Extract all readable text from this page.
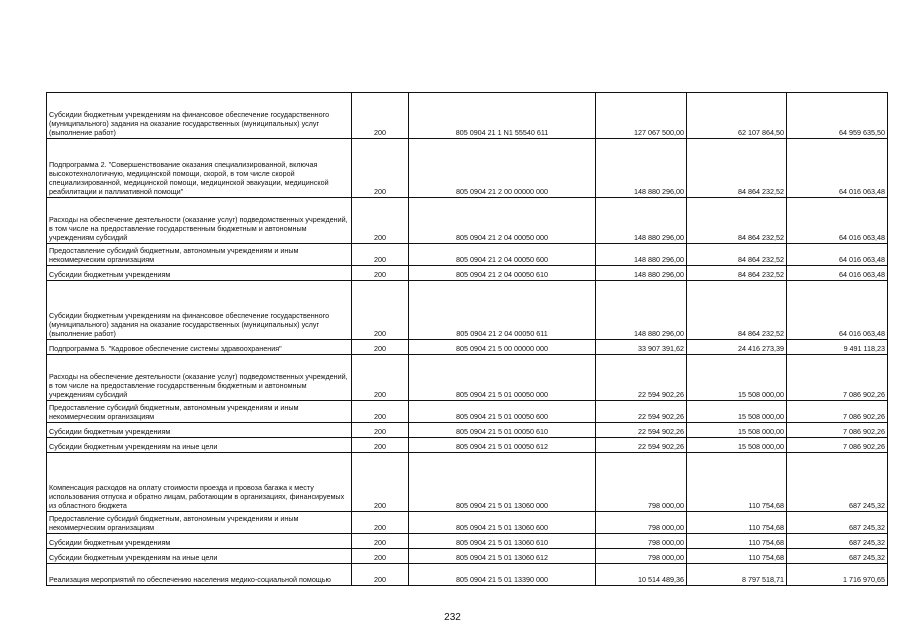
Субсидии бюджетным учреждениям на финансовое обеспечение государственного (муниципального) задания на оказание государственных (муниципальных) услуг (выполнение работ)	200	805 0904 21 1 N1 55540 611	127 067 500,00	62 107 864,50	64 959 635,50
Подпрограмма 2. "Совершенствование оказания специализированной, включая высокотехнологичную, медицинской помощи, скорой, в том числе скорой специализированной, медицинской помощи, медицинской эвакуации, медицинской реабилитации и паллиативной помощи"	200	805 0904 21 2 00 00000 000	148 880 296,00	84 864 232,52	64 016 063,48
Расходы на обеспечение деятельности (оказание услуг) подведомственных учреждений, в том числе на предоставление государственным бюджетным и автономным учреждениям субсидий	200	805 0904 21 2 04 00050 000	148 880 296,00	84 864 232,52	64 016 063,48
Предоставление субсидий бюджетным, автономным учреждениям и иным некоммерческим организациям	200	805 0904 21 2 04 00050 600	148 880 296,00	84 864 232,52	64 016 063,48
Субсидии бюджетным учреждениям	200	805 0904 21 2 04 00050 610	148 880 296,00	84 864 232,52	64 016 063,48
Субсидии бюджетным учреждениям на финансовое обеспечение государственного (муниципального) задания на оказание государственных (муниципальных) услуг (выполнение работ)	200	805 0904 21 2 04 00050 611	148 880 296,00	84 864 232,52	64 016 063,48
Подпрограмма 5. "Кадровое обеспечение системы здравоохранения"	200	805 0904 21 5 00 00000 000	33 907 391,62	24 416 273,39	9 491 118,23
Расходы на обеспечение деятельности (оказание услуг) подведомственных учреждений, в том числе на предоставление государственным бюджетным и автономным учреждениям субсидий	200	805 0904 21 5 01 00050 000	22 594 902,26	15 508 000,00	7 086 902,26
Предоставление субсидий бюджетным, автономным учреждениям и иным некоммерческим организациям	200	805 0904 21 5 01 00050 600	22 594 902,26	15 508 000,00	7 086 902,26
Субсидии бюджетным учреждениям	200	805 0904 21 5 01 00050 610	22 594 902,26	15 508 000,00	7 086 902,26
Субсидии бюджетным учреждениям на иные цели	200	805 0904 21 5 01 00050 612	22 594 902,26	15 508 000,00	7 086 902,26
Компенсация расходов на оплату стоимости проезда и провоза багажа к месту использования отпуска и обратно лицам, работающим в организациях, финансируемых из областного бюджета	200	805 0904 21 5 01 13060 000	798 000,00	110 754,68	687 245,32
Предоставление субсидий бюджетным, автономным учреждениям и иным некоммерческим организациям	200	805 0904 21 5 01 13060 600	798 000,00	110 754,68	687 245,32
Субсидии бюджетным учреждениям	200	805 0904 21 5 01 13060 610	798 000,00	110 754,68	687 245,32
Субсидии бюджетным учреждениям на иные цели	200	805 0904 21 5 01 13060 612	798 000,00	110 754,68	687 245,32
Реализация мероприятий по обеспечению населения медико-социальной помощью	200	805 0904 21 5 01 13390 000	10 514 489,36	8 797 518,71	1 716 970,65
232
